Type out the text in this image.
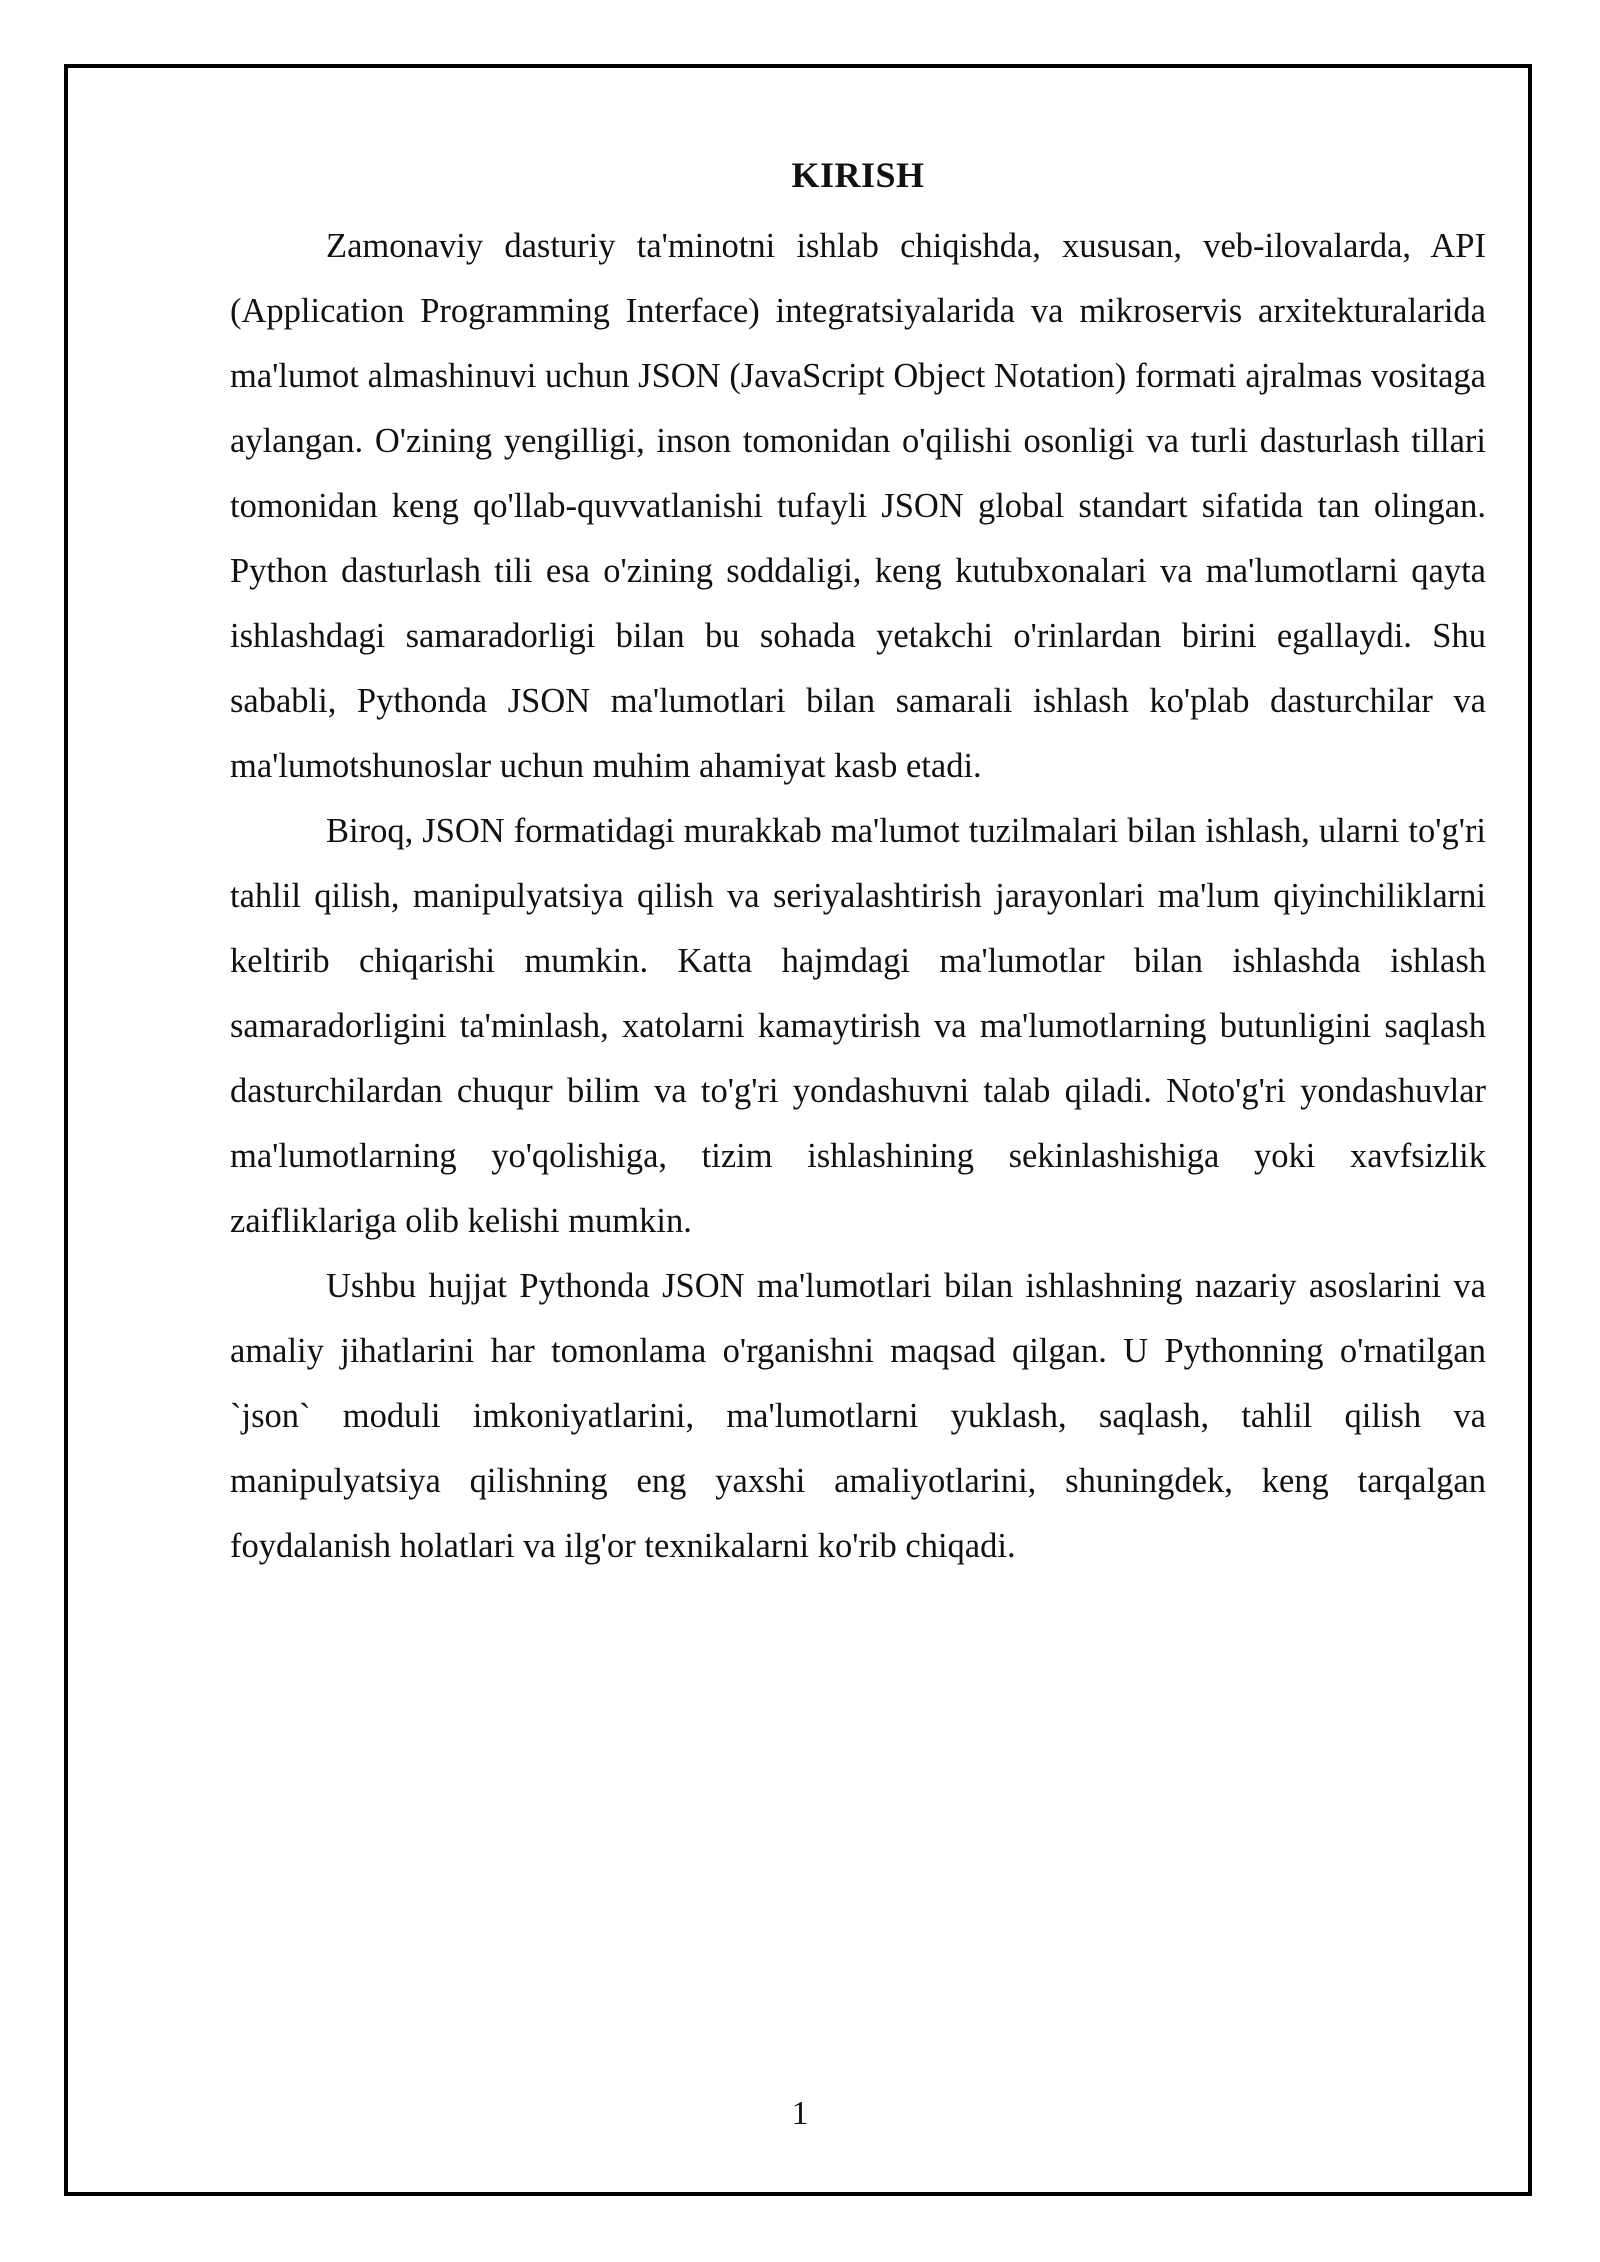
KIRISH

Zamonaviy dasturiy ta'minotni ishlab chiqishda, xususan, veb-ilovalarda, API (Application Programming Interface) integratsiyalarida va mikroservis arxitekturalarida ma'lumot almashinuvi uchun JSON (JavaScript Object Notation) formati ajralmas vositaga aylangan. O'zining yengilligi, inson tomonidan o'qilishi osonligi va turli dasturlash tillari tomonidan keng qo'llab-quvvatlanishi tufayli JSON global standart sifatida tan olingan. Python dasturlash tili esa o'zining soddaligi, keng kutubxonalari va ma'lumotlarni qayta ishlashdagi samaradorligi bilan bu sohada yetakchi o'rinlardan birini egallaydi. Shu sababli, Pythonda JSON ma'lumotlari bilan samarali ishlash ko'plab dasturchilar va ma'lumotshunoslar uchun muhim ahamiyat kasb etadi.

Biroq, JSON formatidagi murakkab ma'lumot tuzilmalari bilan ishlash, ularni to'g'ri tahlil qilish, manipulyatsiya qilish va seriyalashtirish jarayonlari ma'lum qiyinchiliklarni keltirib chiqarishi mumkin. Katta hajmdagi ma'lumotlar bilan ishlashda ishlash samaradorligini ta'minlash, xatolarni kamaytirish va ma'lumotlarning butunligini saqlash dasturchilardan chuqur bilim va to'g'ri yondashuvni talab qiladi. Noto'g'ri yondashuvlar ma'lumotlarning yo'qolishiga, tizim ishlashining sekinlashishiga yoki xavfsizlik zaifliklariga olib kelishi mumkin.

Ushbu hujjat Pythonda JSON ma'lumotlari bilan ishlashning nazariy asoslarini va amaliy jihatlarini har tomonlama o'rganishni maqsad qilgan. U Pythonning o'rnatilgan `json` moduli imkoniyatlarini, ma'lumotlarni yuklash, saqlash, tahlil qilish va manipulyatsiya qilishning eng yaxshi amaliyotlarini, shuningdek, keng tarqalgan foydalanish holatlari va ilg'or texnikalarni ko'rib chiqadi.

1
